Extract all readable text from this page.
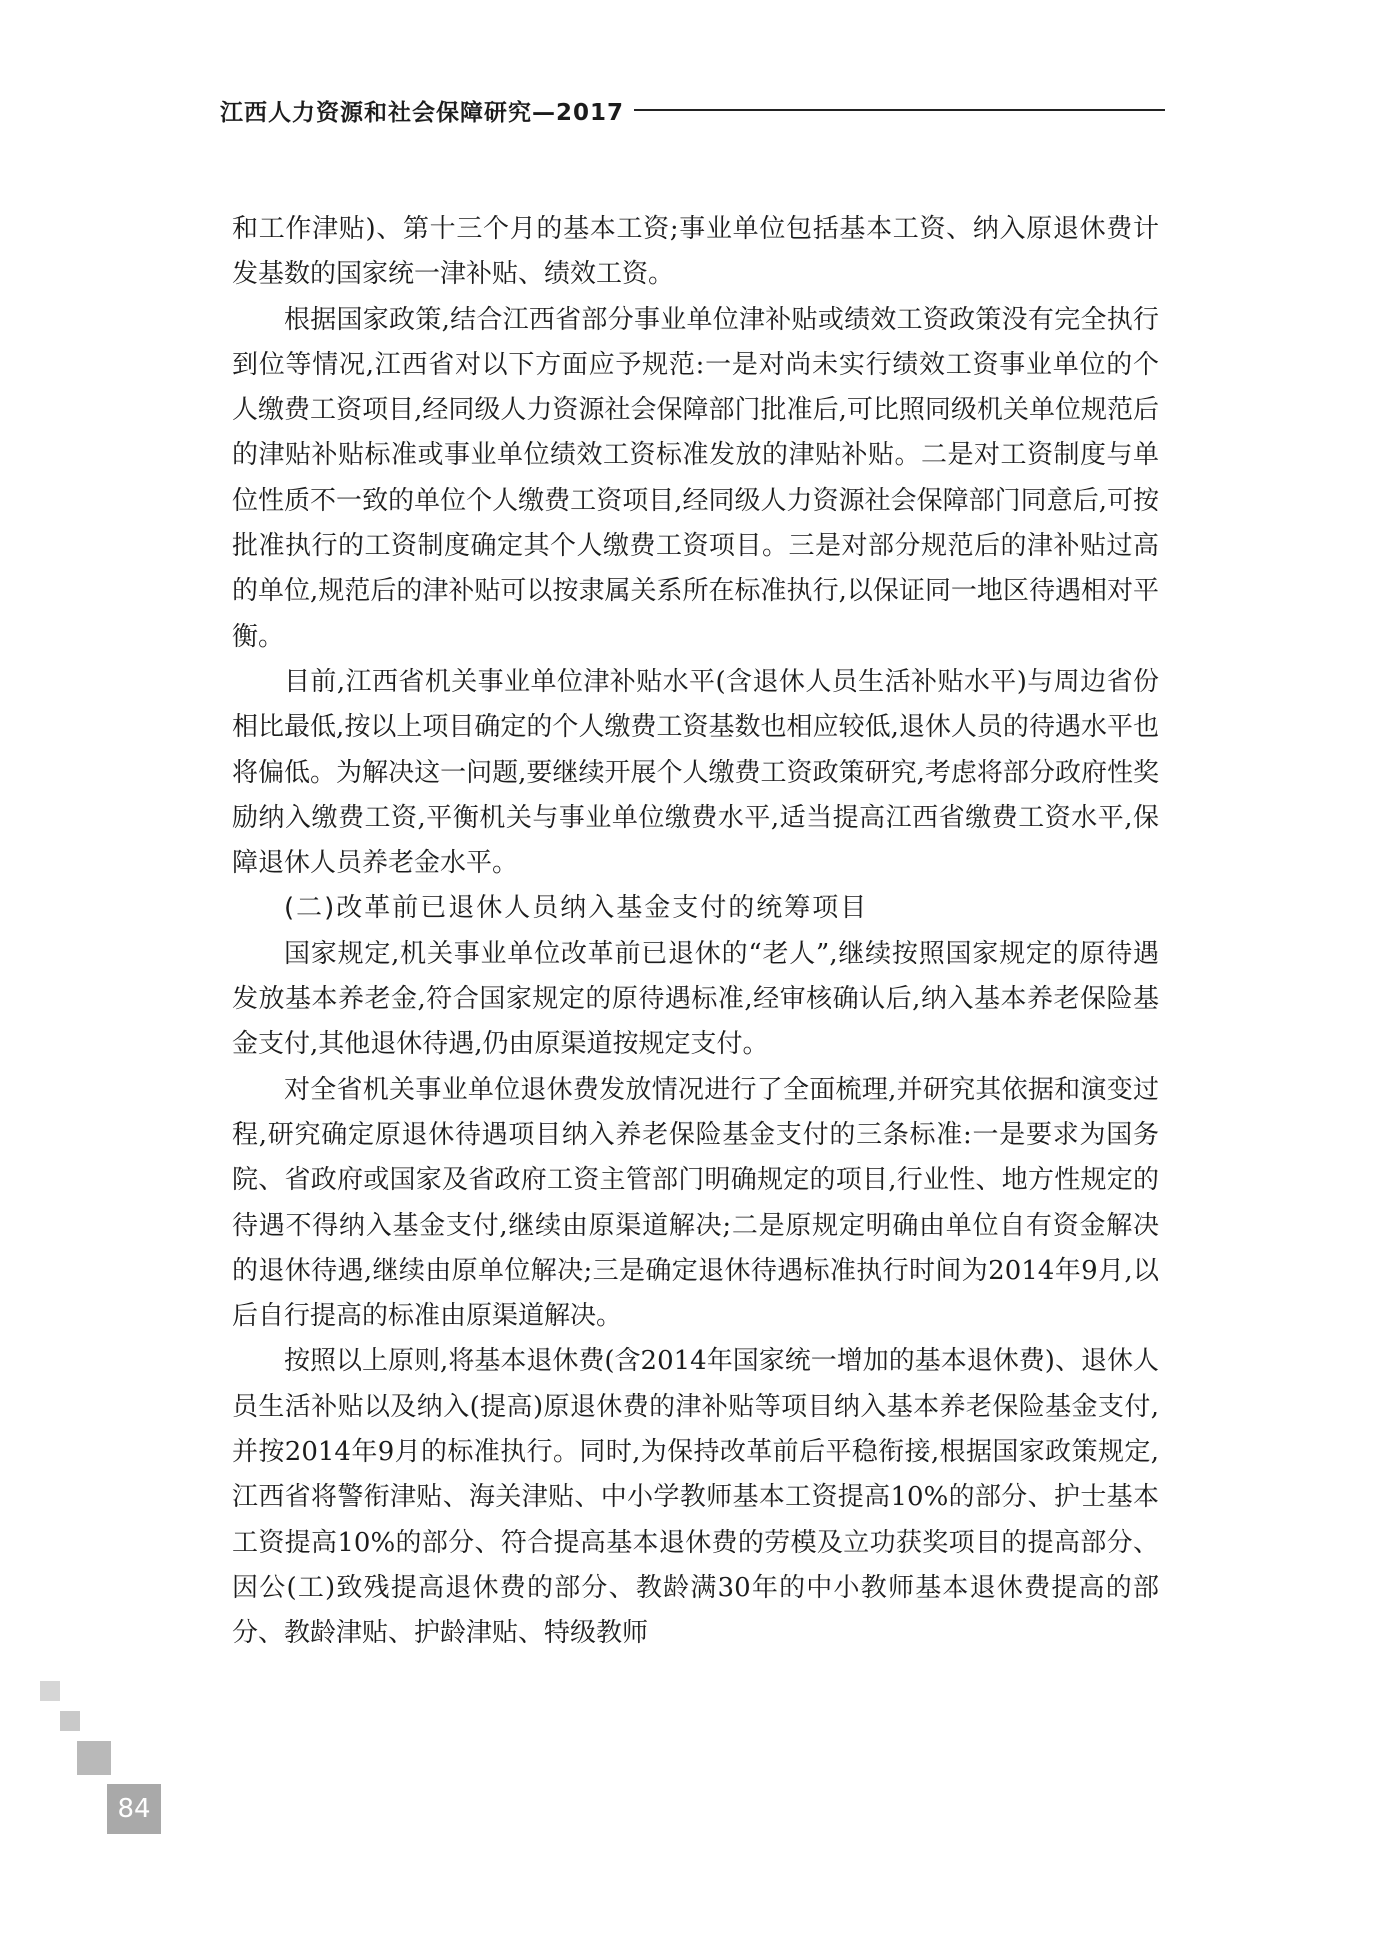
江西人力资源和社会保障研究—2017

和工作津贴)、第十三个月的基本工资;事业单位包括基本工资、纳入原退休费计发基数的国家统一津补贴、绩效工资。

根据国家政策,结合江西省部分事业单位津补贴或绩效工资政策没有完全执行到位等情况,江西省对以下方面应予规范:一是对尚未实行绩效工资事业单位的个人缴费工资项目,经同级人力资源社会保障部门批准后,可比照同级机关单位规范后的津贴补贴标准或事业单位绩效工资标准发放的津贴补贴。二是对工资制度与单位性质不一致的单位个人缴费工资项目,经同级人力资源社会保障部门同意后,可按批准执行的工资制度确定其个人缴费工资项目。三是对部分规范后的津补贴过高的单位,规范后的津补贴可以按隶属关系所在标准执行,以保证同一地区待遇相对平衡。

目前,江西省机关事业单位津补贴水平(含退休人员生活补贴水平)与周边省份相比最低,按以上项目确定的个人缴费工资基数也相应较低,退休人员的待遇水平也将偏低。为解决这一问题,要继续开展个人缴费工资政策研究,考虑将部分政府性奖励纳入缴费工资,平衡机关与事业单位缴费水平,适当提高江西省缴费工资水平,保障退休人员养老金水平。

(二)改革前已退休人员纳入基金支付的统筹项目

国家规定,机关事业单位改革前已退休的“老人”,继续按照国家规定的原待遇发放基本养老金,符合国家规定的原待遇标准,经审核确认后,纳入基本养老保险基金支付,其他退休待遇,仍由原渠道按规定支付。

对全省机关事业单位退休费发放情况进行了全面梳理,并研究其依据和演变过程,研究确定原退休待遇项目纳入养老保险基金支付的三条标准:一是要求为国务院、省政府或国家及省政府工资主管部门明确规定的项目,行业性、地方性规定的待遇不得纳入基金支付,继续由原渠道解决;二是原规定明确由单位自有资金解决的退休待遇,继续由原单位解决;三是确定退休待遇标准执行时间为2014年9月,以后自行提高的标准由原渠道解决。

按照以上原则,将基本退休费(含2014年国家统一增加的基本退休费)、退休人员生活补贴以及纳入(提高)原退休费的津补贴等项目纳入基本养老保险基金支付,并按2014年9月的标准执行。同时,为保持改革前后平稳衔接,根据国家政策规定,江西省将警衔津贴、海关津贴、中小学教师基本工资提高10%的部分、护士基本工资提高10%的部分、符合提高基本退休费的劳模及立功获奖项目的提高部分、因公(工)致残提高退休费的部分、教龄满30年的中小教师基本退休费提高的部分、教龄津贴、护龄津贴、特级教师

84
